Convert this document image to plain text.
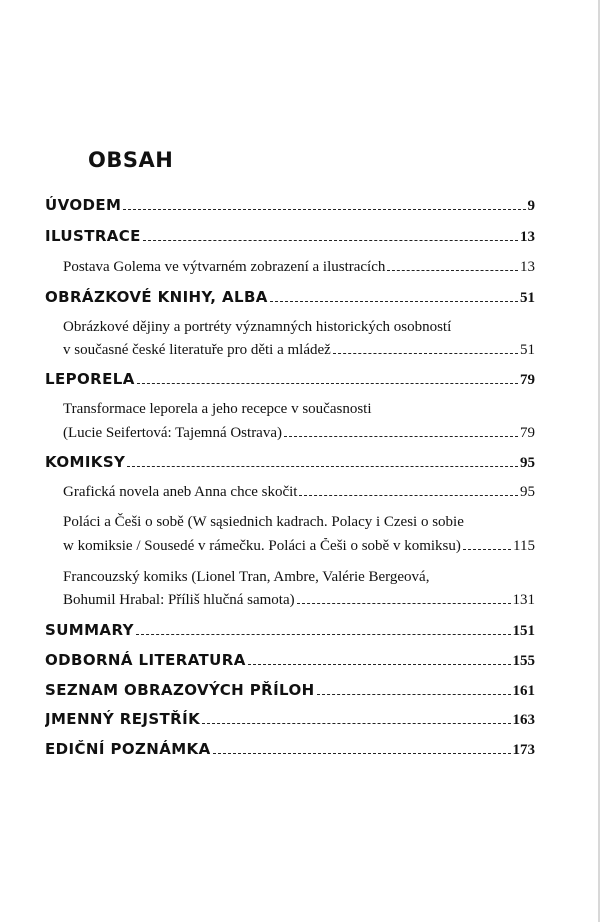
OBSAH
ÚVODEM	9
ILUSTRACE	13
Postava Golema ve výtvarném zobrazení a ilustracích	13
OBRÁZKOVÉ KNIHY, ALBA	51
Obrázkové dějiny a portréty významných historických osobností
v současné české literatuře pro děti a mládež	51
LEPORELA	79
Transformace leporela a jeho recepce v současnosti
(Lucie Seifertová: Tajemná Ostrava)	79
KOMIKSY	95
Grafická novela aneb Anna chce skočit	95
Poláci a Češi o sobě (W sąsiednich kadrach. Polacy i Czesi o sobie
w komiksie / Sousedé v rámečku. Poláci a Češi o sobě v komiksu)	115
Francouzský komiks (Lionel Tran, Ambre, Valérie Bergeová,
Bohumil Hrabal: Příliš hlučná samota)	131
SUMMARY	151
ODBORNÁ LITERATURA	155
SEZNAM OBRAZOVÝCH PŘÍLOH	161
JMENNÝ REJSTŘÍK	163
EDIČNÍ POZNÁMKA	173
